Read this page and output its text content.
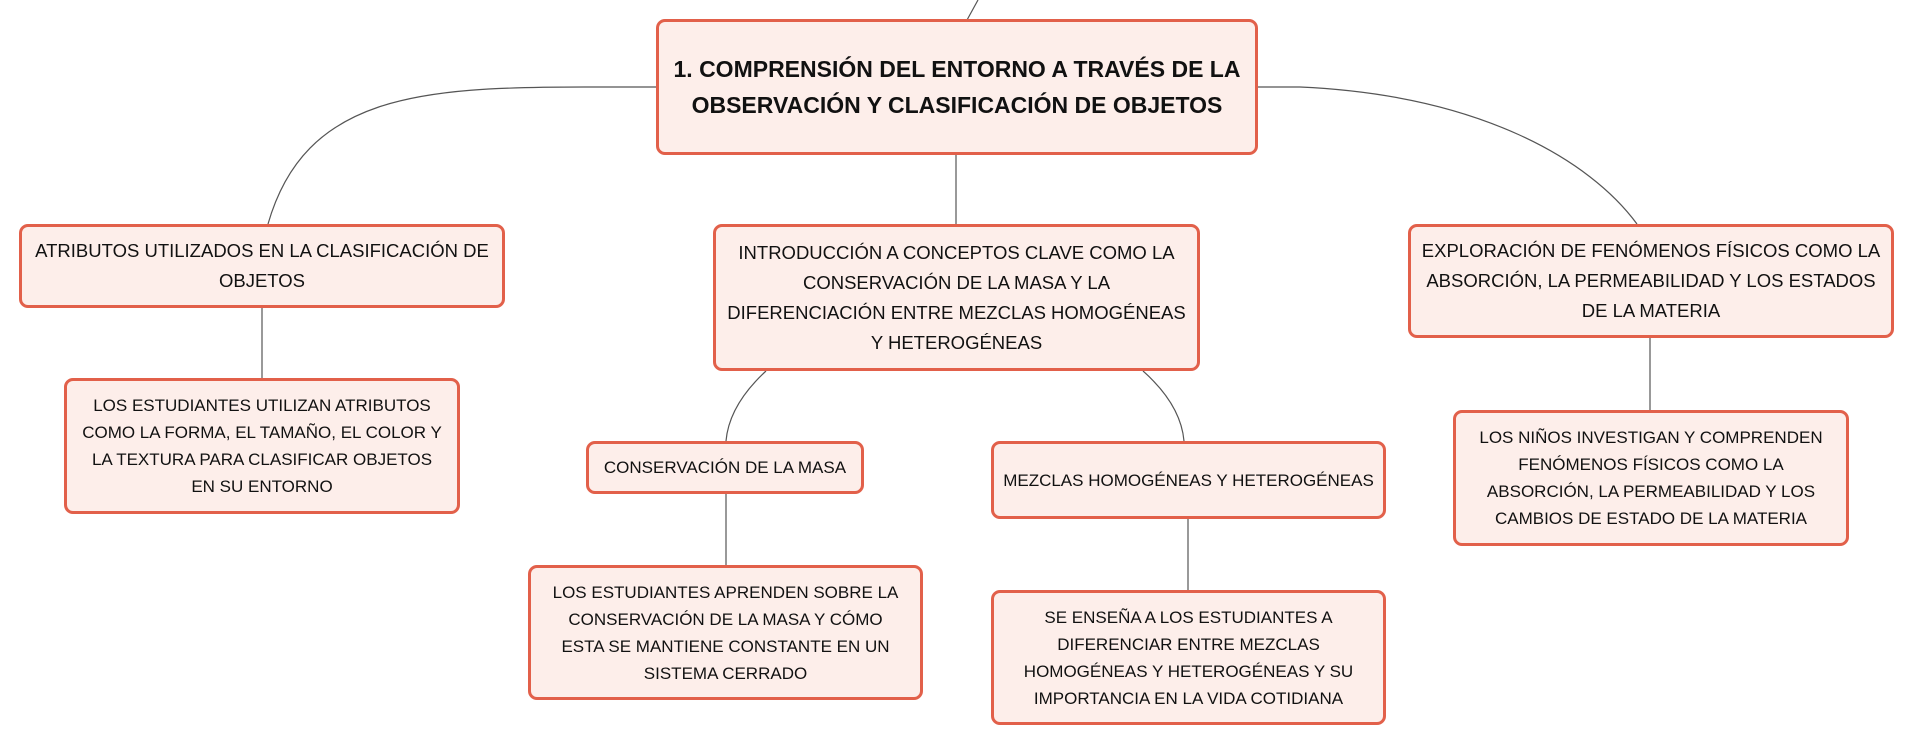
1. COMPRENSIÓN DEL ENTORNO A TRAVÉS DE LA OBSERVACIÓN Y CLASIFICACIÓN DE OBJETOS
ATRIBUTOS UTILIZADOS EN LA CLASIFICACIÓN DE OBJETOS
LOS ESTUDIANTES UTILIZAN ATRIBUTOS COMO LA FORMA, EL TAMAÑO, EL COLOR Y LA TEXTURA PARA CLASIFICAR OBJETOS EN SU ENTORNO
INTRODUCCIÓN A CONCEPTOS CLAVE COMO LA CONSERVACIÓN DE LA MASA Y LA DIFERENCIACIÓN ENTRE MEZCLAS HOMOGÉNEAS Y HETEROGÉNEAS
CONSERVACIÓN DE LA MASA
LOS ESTUDIANTES APRENDEN SOBRE LA CONSERVACIÓN DE LA MASA Y CÓMO ESTA SE MANTIENE CONSTANTE EN UN SISTEMA CERRADO
MEZCLAS HOMOGÉNEAS Y HETEROGÉNEAS
SE ENSEÑA A LOS ESTUDIANTES A DIFERENCIAR ENTRE MEZCLAS HOMOGÉNEAS Y HETEROGÉNEAS Y SU IMPORTANCIA EN LA VIDA COTIDIANA
EXPLORACIÓN DE FENÓMENOS FÍSICOS COMO LA ABSORCIÓN, LA PERMEABILIDAD Y LOS ESTADOS DE LA MATERIA
LOS NIÑOS INVESTIGAN Y COMPRENDEN FENÓMENOS FÍSICOS COMO LA ABSORCIÓN, LA PERMEABILIDAD Y LOS CAMBIOS DE ESTADO DE LA MATERIA
